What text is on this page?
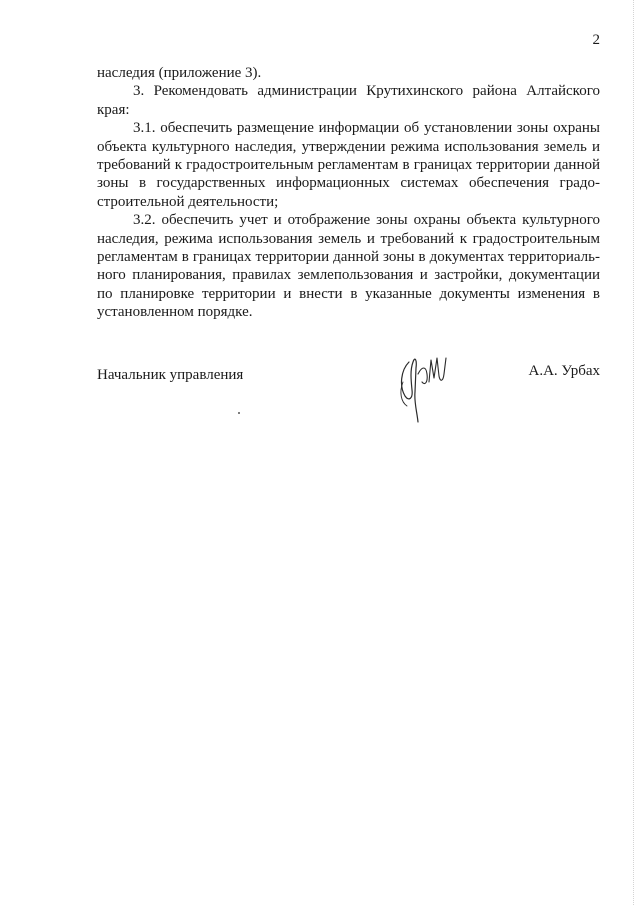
2

наследия (приложение 3).

3. Рекомендовать администрации Крутихинского района Алтайского края:

3.1. обеспечить размещение информации об установлении зоны охраны объекта культурного наследия, утверждении режима использования земель и требований к градостроительным регламентам в границах территории данной зоны в государственных информационных системах обеспечения градо-строительной деятельности;

3.2. обеспечить учет и отображение зоны охраны объекта культурного наследия, режима использования земель и требований к градостроительным регламентам в границах территории данной зоны в документах территориаль-ного планирования, правилах землепользования и застройки, документации по планировке территории и внести в указанные документы изменения в установленном порядке.

Начальник управления	А.А. Урбах
